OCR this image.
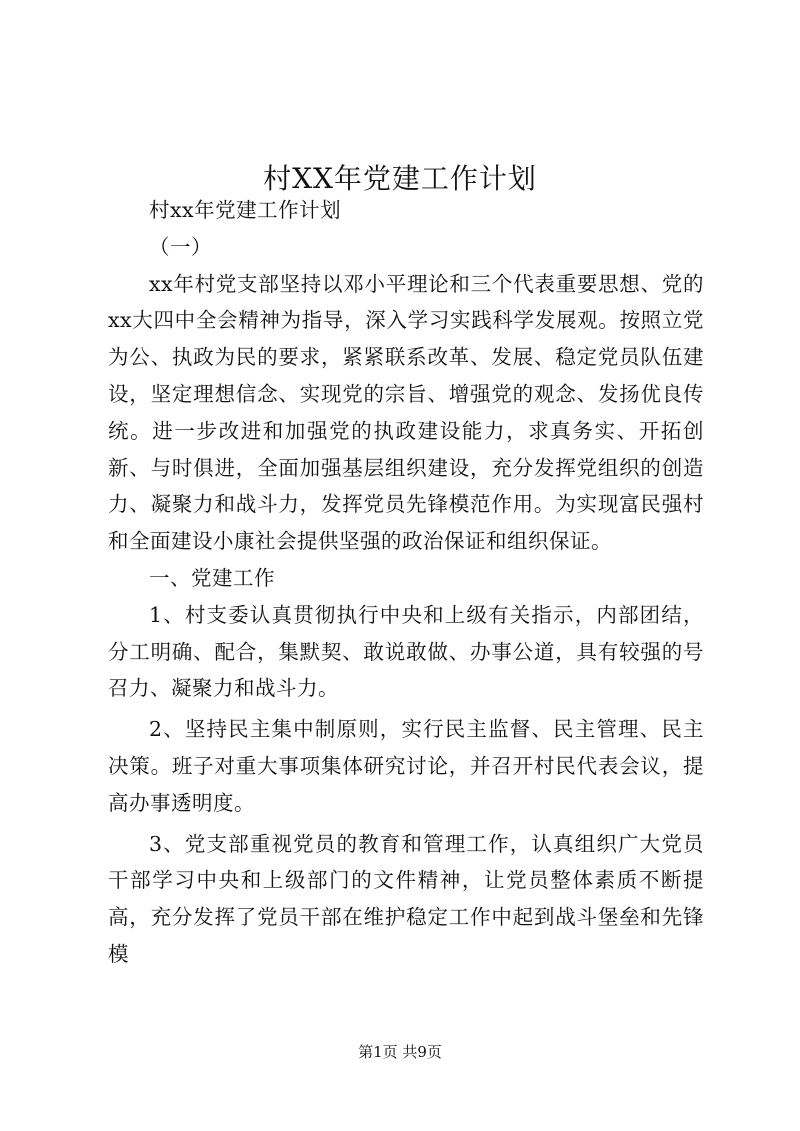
村XX年党建工作计划

村xx年党建工作计划

（一）

xx年村党支部坚持以邓小平理论和三个代表重要思想、党的xx大四中全会精神为指导，深入学习实践科学发展观。按照立党为公、执政为民的要求，紧紧联系改革、发展、稳定党员队伍建设，坚定理想信念、实现党的宗旨、增强党的观念、发扬优良传统。进一步改进和加强党的执政建设能力，求真务实、开拓创新、与时俱进，全面加强基层组织建设，充分发挥党组织的创造力、凝聚力和战斗力，发挥党员先锋模范作用。为实现富民强村和全面建设小康社会提供坚强的政治保证和组织保证。

一、党建工作

1、村支委认真贯彻执行中央和上级有关指示，内部团结，分工明确、配合，集默契、敢说敢做、办事公道，具有较强的号召力、凝聚力和战斗力。

2、坚持民主集中制原则，实行民主监督、民主管理、民主决策。班子对重大事项集体研究讨论，并召开村民代表会议，提高办事透明度。

3、党支部重视党员的教育和管理工作，认真组织广大党员干部学习中央和上级部门的文件精神，让党员整体素质不断提高，充分发挥了党员干部在维护稳定工作中起到战斗堡垒和先锋模

第1页 共9页
